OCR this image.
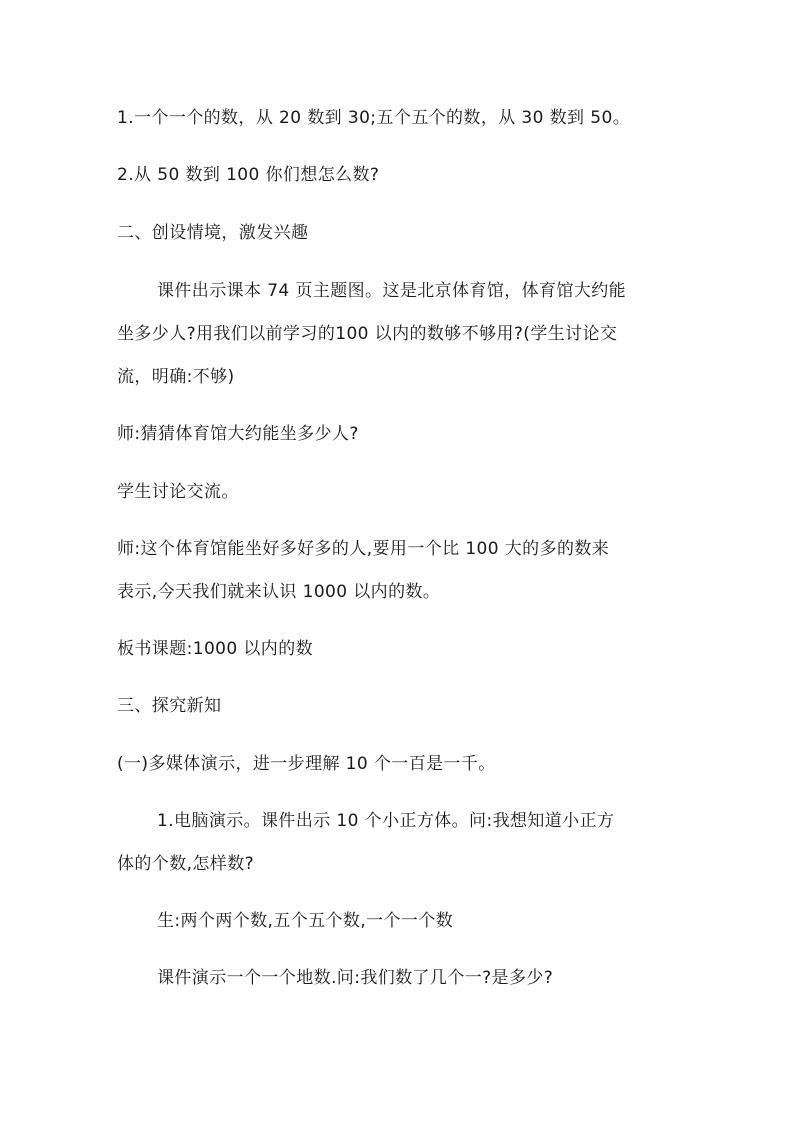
1.一个一个的数，从 20 数到 30;五个五个的数，从 30 数到 50。
2.从 50 数到 100 你们想怎么数?
二、创设情境，激发兴趣
课件出示课本 74 页主题图。这是北京体育馆，体育馆大约能
坐多少人?用我们以前学习的100 以内的数够不够用?(学生讨论交
流，明确:不够)
师:猜猜体育馆大约能坐多少人?
学生讨论交流。
师:这个体育馆能坐好多好多的人,要用一个比 100 大的多的数来
表示,今天我们就来认识 1000 以内的数。
板书课题:1000 以内的数
三、探究新知
(一)多媒体演示，进一步理解 10 个一百是一千。
1.电脑演示。课件出示 10 个小正方体。问:我想知道小正方
体的个数,怎样数?
生:两个两个数,五个五个数,一个一个数
课件演示一个一个地数.问:我们数了几个一?是多少?
